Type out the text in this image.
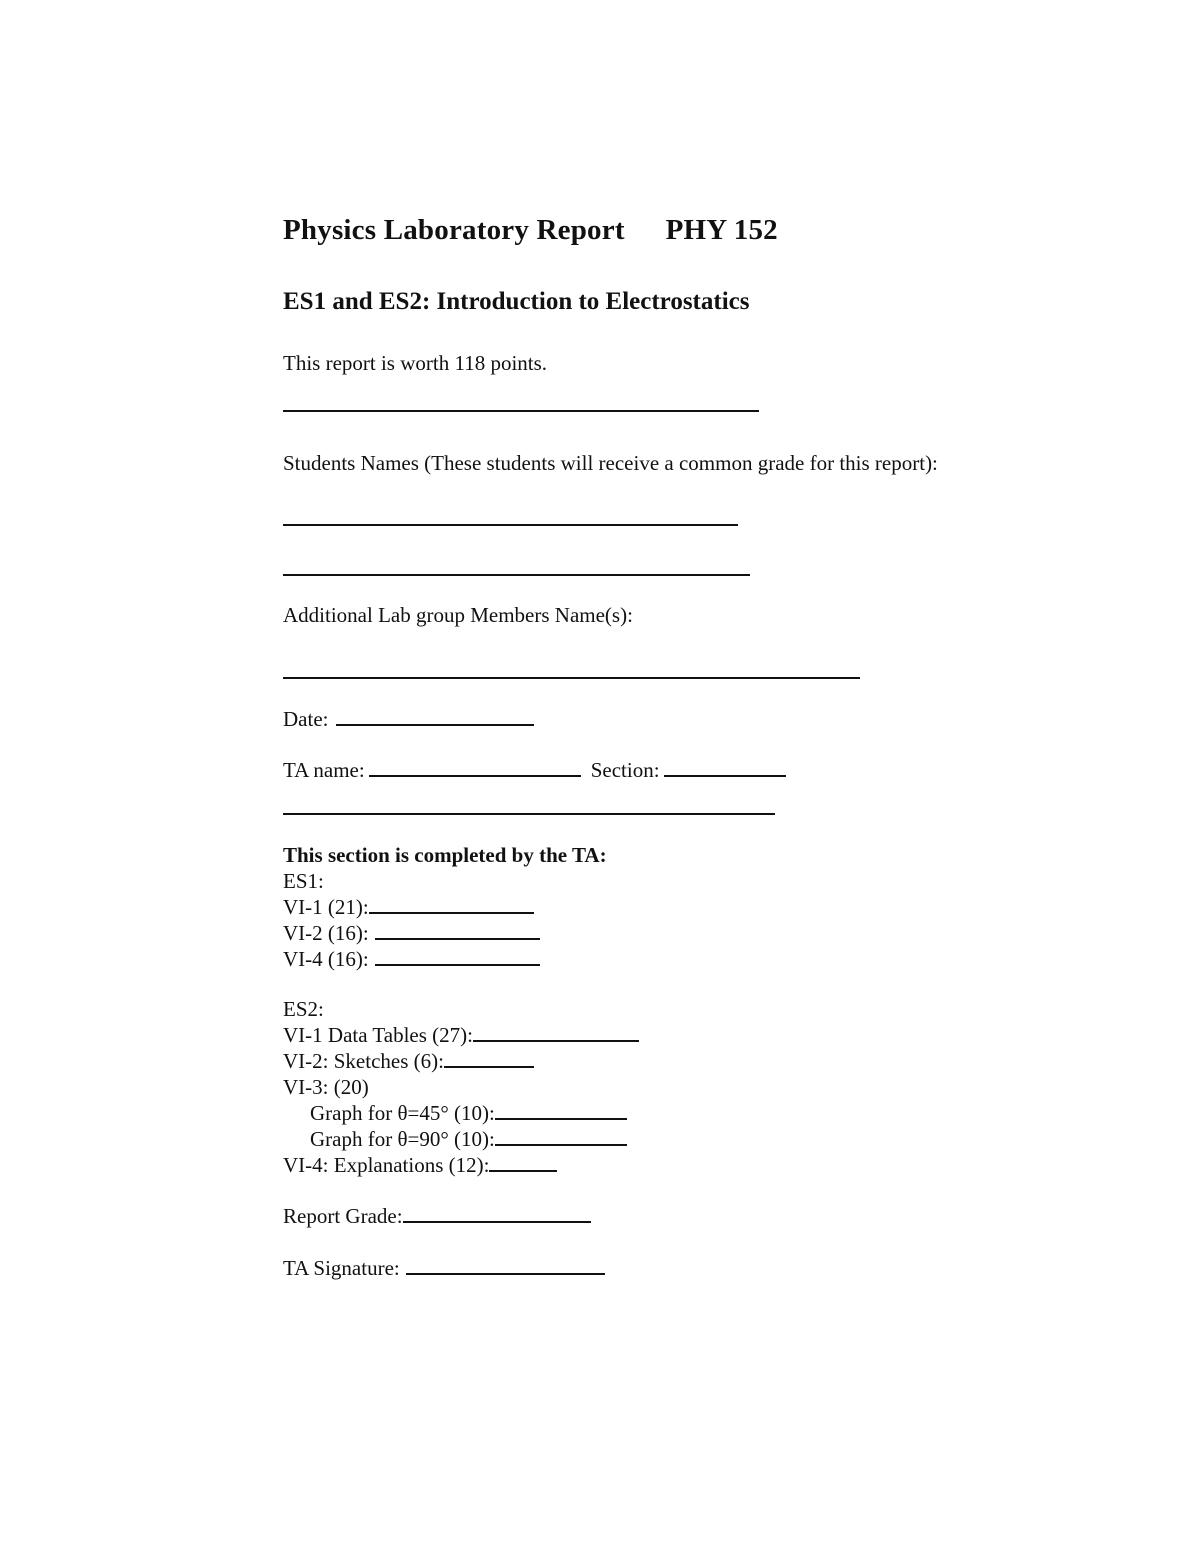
Physics Laboratory Report PHY 152
ES1 and ES2: Introduction to Electrostatics
This report is worth 118 points.
Students Names (These students will receive a common grade for this report):
Additional Lab group Members Name(s):
Date:
TA name:	Section:
This section is completed by the TA:
ES1:
VI-1 (21):
VI-2 (16):
VI-4 (16):
ES2:
VI-1 Data Tables (27):
VI-2: Sketches (6):
VI-3: (20)
Graph for θ=45° (10):
Graph for θ=90° (10):
VI-4: Explanations (12):
Report Grade:
TA Signature:
